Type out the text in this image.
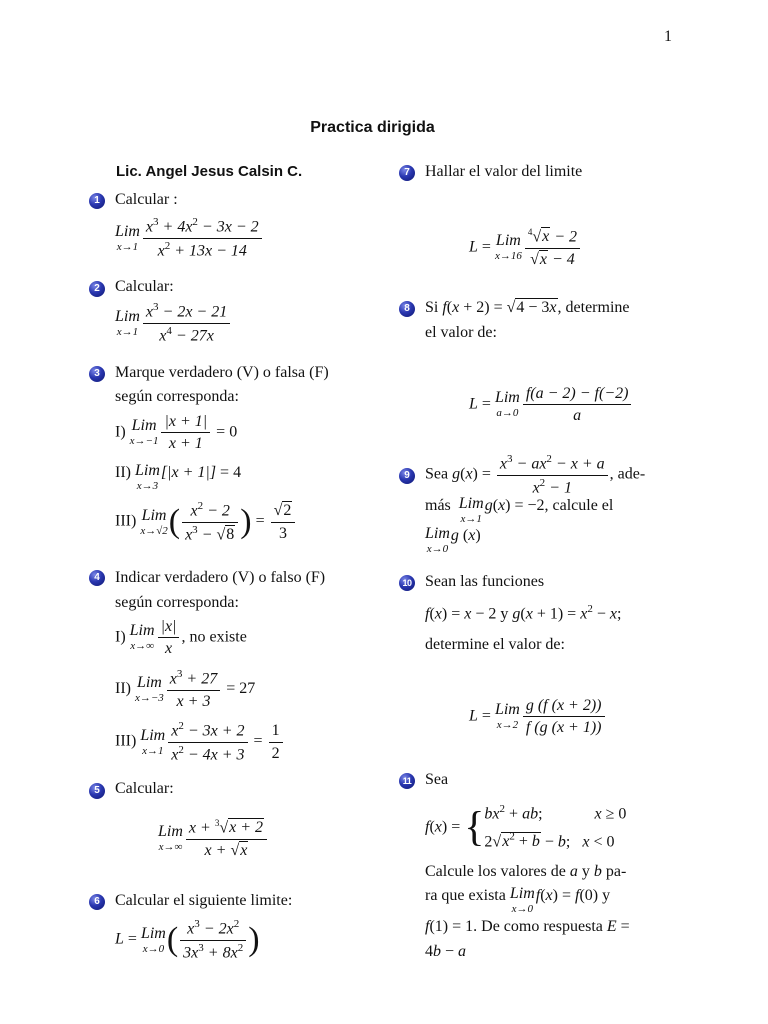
1
Practica dirigida
Lic. Angel Jesus Calsin C.
1 Calcular :
Lim
$x\to 1 \frac{x^3 + 4x^2 - 3x - 2}{x^2 + 13x - 14}$
2 Calcular:
Lim
$x\to 1 \frac{x^3 - 2x - 21}{x^4 - 27x}$
3 Marque verdadero (V) o falsa (F)
según corresponda:
I) Lim
$x\to-1 \frac{|x + 1|}{x + 1} = 0$
II) Lim
x→3
[|x + 1|] = 4
III) Lim
x→√2 ( $\frac{x^2 - 2}{x^3 - √8}$ ) = $\frac{√2}{3}$
4 Indicar verdadero (V) o falso (F)
según corresponda:
I) Lim
$x\to\infty \frac{|x|}{x}$ , no existe
II) Lim
$x\to-3 \frac{x^3 + 27}{x + 3} = 27$
III) Lim
$x\to 1 \frac{x^2 - 3x + 2}{x^2 - 4x + 3} = \frac{1}{2}$
5 Calcular:
Lim
$x\to\infty \frac{x + ^3√x + 2}{x + √x}$
6 Calcular el siguiente limite:
L = Lim
x→0 ( $\frac{x^3 - 2x^2}{3x^3 + 8x^2}$ )
7 Hallar el valor del limite
L = Lim
$x\to 16 \frac{^4√x - 2}{√x - 4}$
8 Si f(x + 2) = √4 − 3x, determine
el valor de:
L = Lim
$a\to 0 \frac{f(a - 2) - f(-2)}{a}$
9 Sea $g(x) = \frac{x^3 - ax^2 - x + a}{x^2 - 1}$ , ade-
más Lim
x→1
g(x) = −2, calcule el
Lim
x→0
g (x)
10 Sean las funciones
f(x) = x − 2 y $g(x + 1) = x^2 - x$;
determine el valor de:
L = Lim
$x\to 2 \frac{g (f (x + 2))}{f (g (x + 1))}$
11 Sea
$f(x) = \{bx^2$ + ab;	x ≥ 0
$2√x^2 + b - b$;   x < 0
Calcule los valores de a y b pa-
ra que exista Lim
x→0
f(x) = f(0) y
f(1) = 1. De como respuesta E =
4b − a
